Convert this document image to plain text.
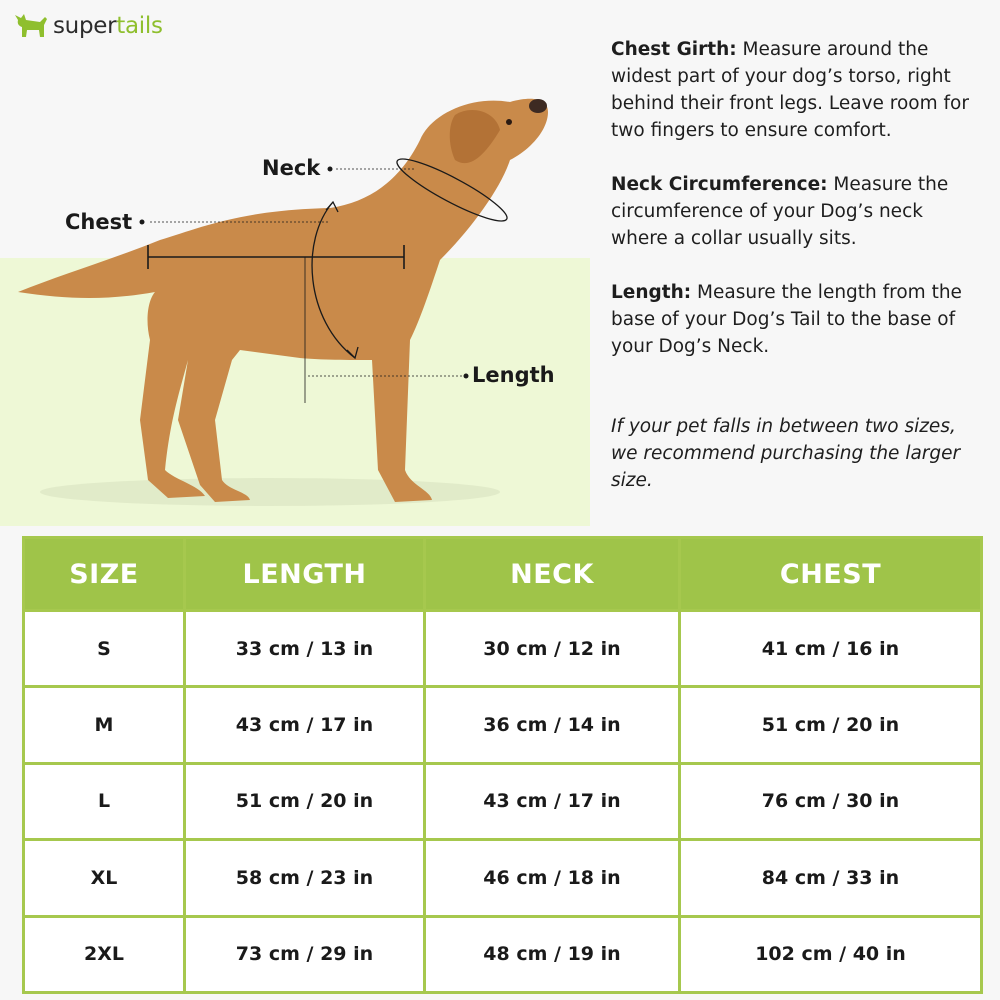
supertails
Neck
Chest
Length

Chest Girth: Measure around the widest part of your dog’s torso, right behind their front legs. Leave room for two fingers to ensure comfort.

Neck Circumference: Measure the circumference of your Dog’s neck where a collar usually sits.

Length: Measure the length from the base of your Dog’s Tail to the base of your Dog’s Neck.

If your pet falls in between two sizes, we recommend purchasing the larger size.
SIZE	LENGTH	NECK	CHEST
S	33 cm / 13 in	30 cm / 12 in	41 cm / 16 in
M	43 cm / 17 in	36 cm / 14 in	51 cm / 20 in
L	51 cm / 20 in	43 cm / 17 in	76 cm / 30 in
XL	58 cm / 23 in	46 cm / 18 in	84 cm / 33 in
2XL	73 cm / 29 in	48 cm / 19 in	102 cm / 40 in
